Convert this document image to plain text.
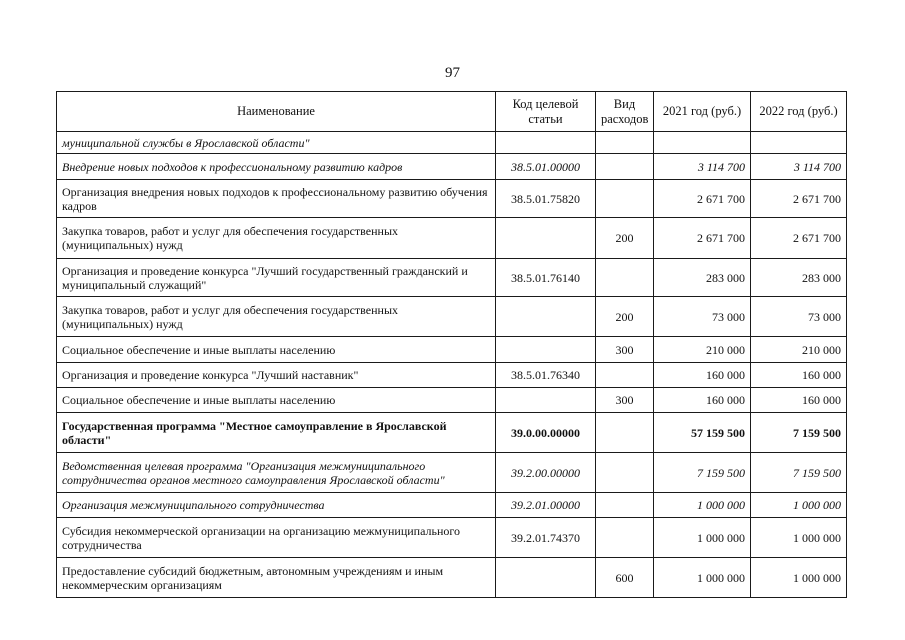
97
Наименование	Код целевой статьи	Вид расходов	2021 год (руб.)	2022 год (руб.)
муниципальной службы в Ярославской области"				
Внедрение новых подходов к профессиональному развитию кадров	38.5.01.00000		3 114 700	3 114 700
Организация внедрения новых подходов к профессиональному развитию обучения кадров	38.5.01.75820		2 671 700	2 671 700
Закупка товаров, работ и услуг для обеспечения государственных (муниципальных) нужд		200	2 671 700	2 671 700
Организация и проведение конкурса "Лучший государственный гражданский и муниципальный служащий"	38.5.01.76140		283 000	283 000
Закупка товаров, работ и услуг для обеспечения государственных (муниципальных) нужд		200	73 000	73 000
Социальное обеспечение и иные выплаты населению		300	210 000	210 000
Организация и проведение конкурса "Лучший наставник"	38.5.01.76340		160 000	160 000
Социальное обеспечение и иные выплаты населению		300	160 000	160 000
Государственная программа "Местное самоуправление в Ярославской области"	39.0.00.00000		57 159 500	7 159 500
Ведомственная целевая программа "Организация межмуниципального сотрудничества органов местного самоуправления Ярославской области"	39.2.00.00000		7 159 500	7 159 500
Организация межмуниципального сотрудничества	39.2.01.00000		1 000 000	1 000 000
Субсидия некоммерческой организации на организацию межмуниципального сотрудничества	39.2.01.74370		1 000 000	1 000 000
Предоставление субсидий бюджетным, автономным учреждениям и иным некоммерческим организациям		600	1 000 000	1 000 000
